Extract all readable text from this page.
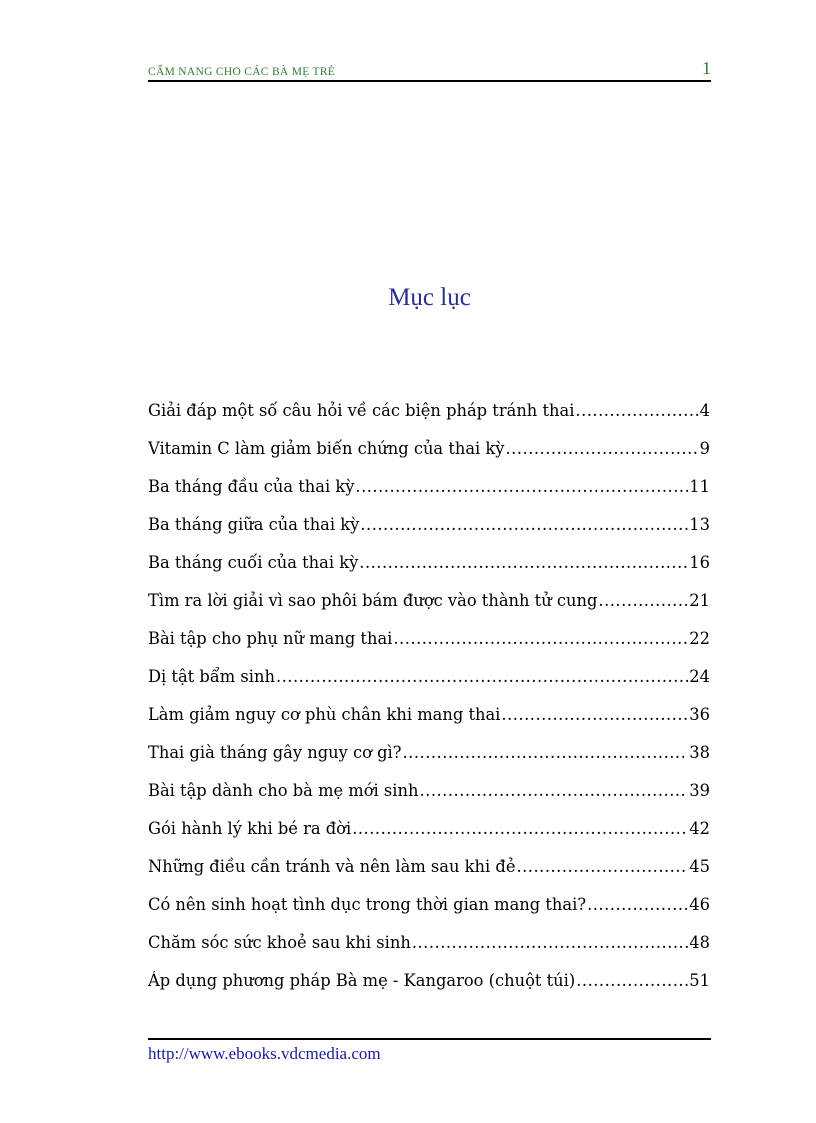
CẨM NANG CHO CÁC BÀ MẸ TRẺ	1
Mục lục
Giải đáp một số câu hỏi về các biện pháp tránh thai .....	4
Vitamin C làm giảm biến chứng của thai kỳ .....	9
Ba tháng đầu của thai kỳ .....	11
Ba tháng giữa của thai kỳ .....	13
Ba tháng cuối của thai kỳ .....	16
Tìm ra lời giải vì sao phôi bám được vào thành tử cung .....	21
Bài tập cho phụ nữ mang thai .....	22
Dị tật bẩm sinh .....	24
Làm giảm nguy cơ phù chân khi mang thai .....	36
Thai già tháng gây nguy cơ gì? .....	38
Bài tập dành cho bà mẹ mới sinh .....	39
Gói hành lý khi bé ra đời .....	42
Những điều cần tránh và nên làm sau khi đẻ .....	45
Có nên sinh hoạt tình dục trong thời gian mang thai? .....	46
Chăm sóc sức khoẻ sau khi sinh .....	48
Áp dụng phương pháp Bà mẹ - Kangaroo (chuột túi) .....	51
http://www.ebooks.vdcmedia.com
